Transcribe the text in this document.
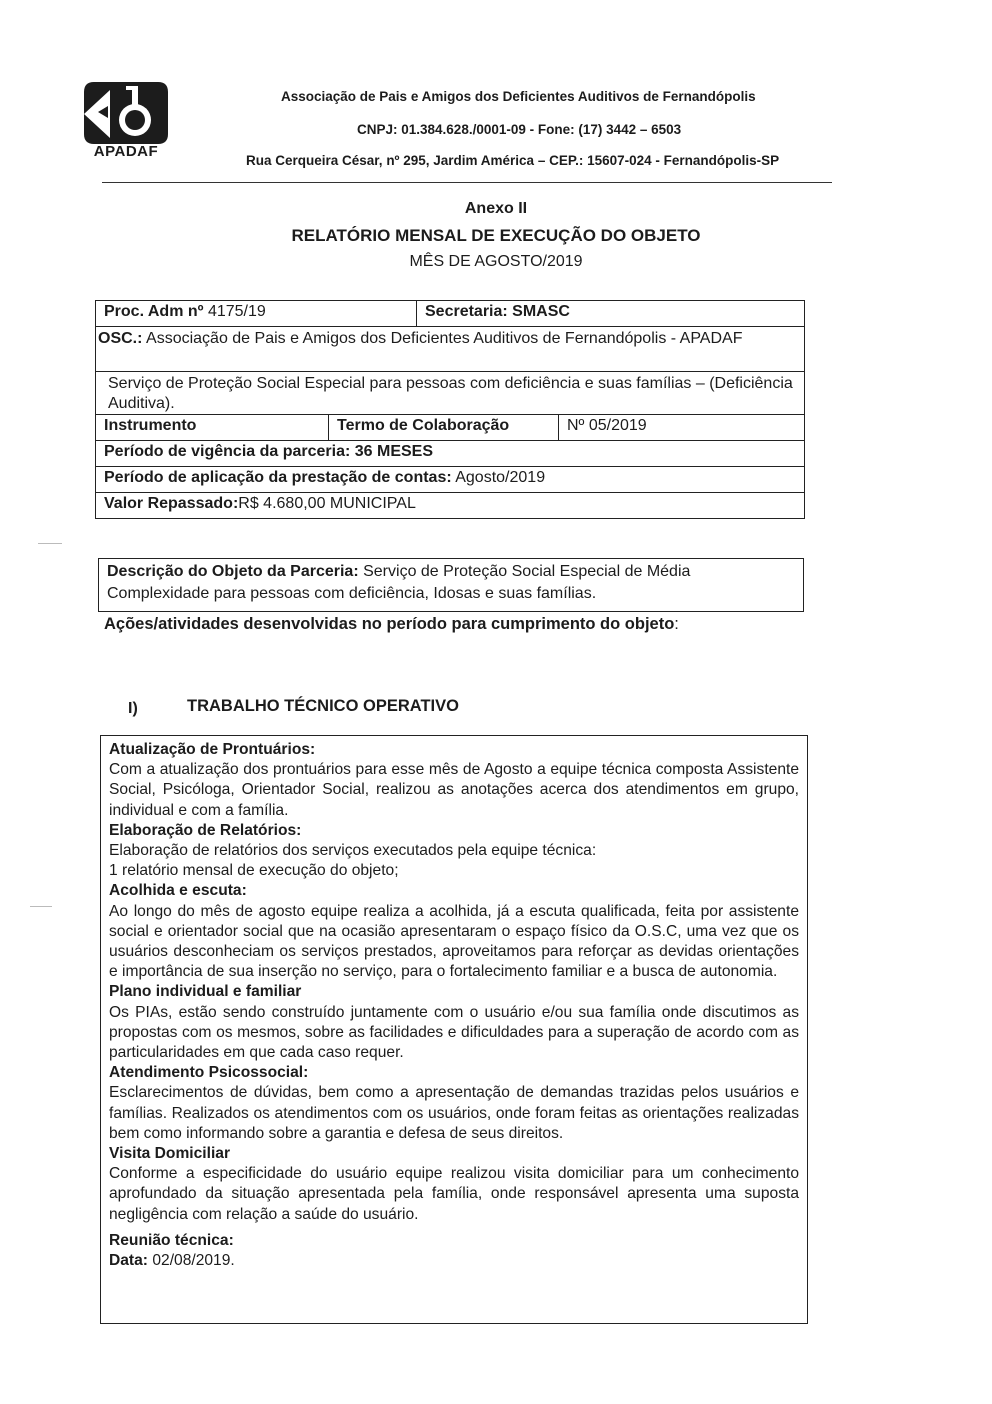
APADAF
Associação de Pais e Amigos dos Deficientes Auditivos de Fernandópolis
CNPJ: 01.384.628./0001-09 - Fone: (17) 3442 – 6503
Rua Cerqueira César, nº 295, Jardim América – CEP.: 15607-024 - Fernandópolis-SP
Anexo II
RELATÓRIO MENSAL DE EXECUÇÃO DO OBJETO
MÊS DE AGOSTO/2019
Proc. Adm nº 4175/19	Secretaria: SMASC
OSC.: Associação de Pais e Amigos dos Deficientes Auditivos de Fernandópolis - APADAF
Serviço de Proteção Social Especial para pessoas com deficiência e suas famílias – (Deficiência Auditiva).
Instrumento	Termo de Colaboração	Nº 05/2019
Período de vigência da parceria: 36 MESES
Período de aplicação da prestação de contas: Agosto/2019
Valor Repassado:R$ 4.680,00 MUNICIPAL
Descrição do Objeto da Parceria: Serviço de Proteção Social Especial de Média Complexidade para pessoas com deficiência, Idosas e suas famílias.
Ações/atividades desenvolvidas no período para cumprimento do objeto:
I)	TRABALHO TÉCNICO OPERATIVO
Atualização de Prontuários:
Com a atualização dos prontuários para esse mês de Agosto a equipe técnica composta Assistente Social, Psicóloga, Orientador Social, realizou as anotações acerca dos atendimentos em grupo, individual e com a família.
Elaboração de Relatórios:
Elaboração de relatórios dos serviços executados pela equipe técnica:
1 relatório mensal de execução do objeto;
Acolhida e escuta:
Ao longo do mês de agosto equipe realiza a acolhida, já a escuta qualificada, feita por assistente social e orientador social que na ocasião apresentaram o espaço físico da O.S.C, uma vez que os usuários desconheciam os serviços prestados, aproveitamos para reforçar as devidas orientações e importância de sua inserção no serviço, para o fortalecimento familiar e a busca de autonomia.
Plano individual e familiar
Os PIAs, estão sendo construído juntamente com o usuário e/ou sua família onde discutimos as propostas com os mesmos, sobre as facilidades e dificuldades para a superação de acordo com as particularidades em que cada caso requer.
Atendimento Psicossocial:
Esclarecimentos de dúvidas, bem como a apresentação de demandas trazidas pelos usuários e famílias. Realizados os atendimentos com os usuários, onde foram feitas as orientações realizadas bem como informando sobre a garantia e defesa de seus direitos.
Visita Domiciliar
Conforme a especificidade do usuário equipe realizou visita domiciliar para um conhecimento aprofundado da situação apresentada pela família, onde responsável apresenta uma suposta negligência com relação a saúde do usuário.
Reunião técnica:
Data: 02/08/2019.
